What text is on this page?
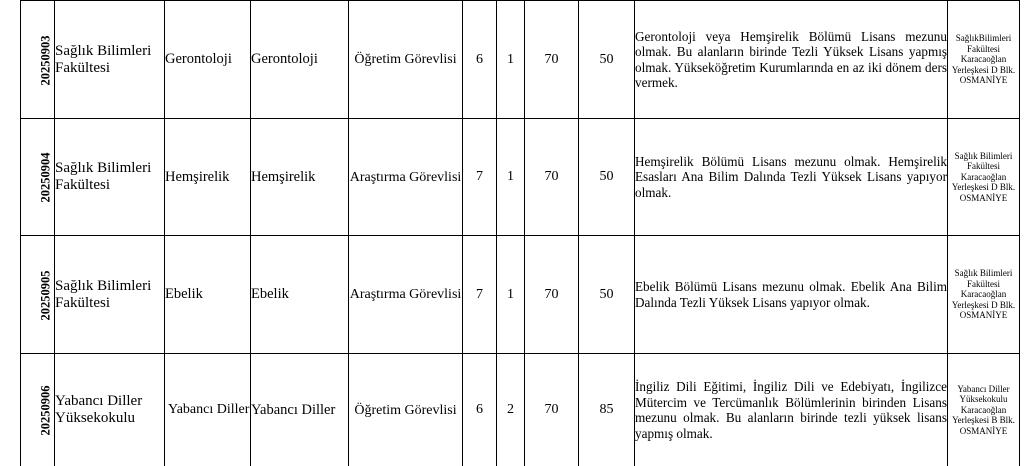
20250903	Sağlık Bilimleri Fakültesi	Gerontoloji	Gerontoloji	Öğretim Görevlisi	6	1	70	50	Gerontoloji veya Hemşirelik Bölümü Lisans mezunu olmak. Bu alanların birinde Tezli Yüksek Lisans yapmış olmak. Yükseköğretim Kurumlarında en az iki dönem ders vermek.	SağlıkBilimleri Fakültesi Karacaoğlan Yerleşkesi D Blk. OSMANİYE
20250904	Sağlık Bilimleri Fakültesi	Hemşirelik	Hemşirelik	Araştırma Görevlisi	7	1	70	50	Hemşirelik Bölümü Lisans mezunu olmak. Hemşirelik Esasları Ana Bilim Dalında Tezli Yüksek Lisans yapıyor olmak.	Sağlık Bilimleri Fakültesi Karacaoğlan Yerleşkesi D Blk. OSMANİYE
20250905	Sağlık Bilimleri Fakültesi	Ebelik	Ebelik	Araştırma Görevlisi	7	1	70	50	Ebelik Bölümü Lisans mezunu olmak. Ebelik Ana Bilim Dalında Tezli Yüksek Lisans yapıyor olmak.	Sağlık Bilimleri Fakültesi Karacaoğlan Yerleşkesi D Blk. OSMANİYE
20250906	Yabancı Diller Yüksekokulu	Yabancı Diller	Yabancı Diller	Öğretim Görevlisi	6	2	70	85	İngiliz Dili Eğitimi, İngiliz Dili ve Edebiyatı, İngilizce Mütercim ve Tercümanlık Bölümlerinin birinden Lisans mezunu olmak. Bu alanların birinde tezli yüksek lisans yapmış olmak.	Yabancı Diller Yüksekokulu Karacaoğlan Yerleşkesi B Blk. OSMANİYE
